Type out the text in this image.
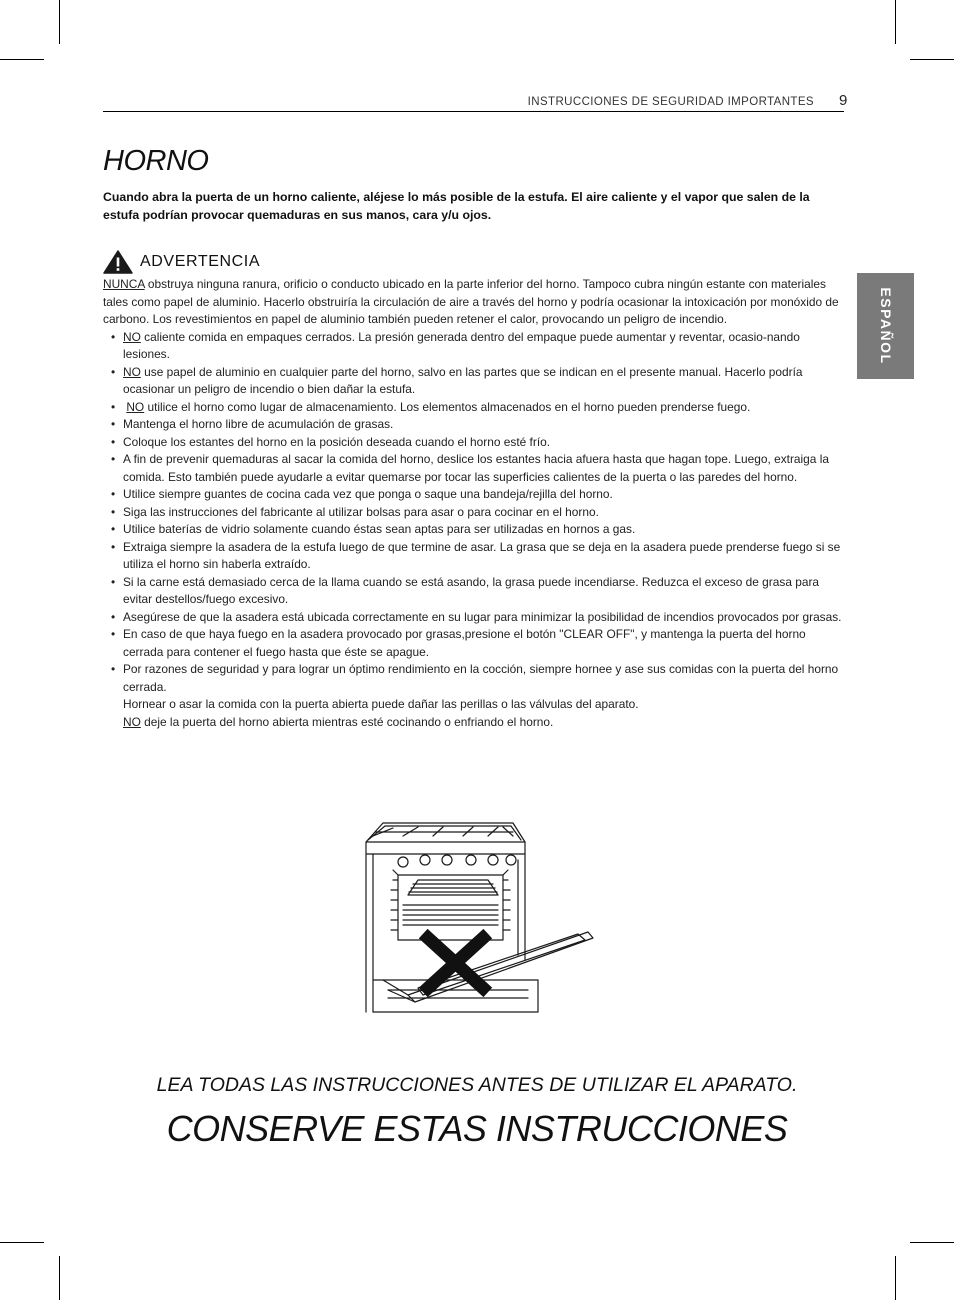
INSTRUCCIONES DE SEGURIDAD IMPORTANTES 9
ESPAÑOL
HORNO

Cuando abra la puerta de un horno caliente, aléjese lo más posible de la estufa. El aire caliente y el vapor que salen de la estufa podrían provocar quemaduras en sus manos, cara y/u ojos.

ADVERTENCIA

NUNCA obstruya ninguna ranura, orificio o conducto ubicado en la parte inferior del horno. Tampoco cubra ningún estante con materiales tales como papel de aluminio. Hacerlo obstruiría la circulación de aire a través del horno y podría ocasionar la intoxicación por monóxido de carbono. Los revestimientos en papel de aluminio también pueden retener el calor, provocando un peligro de incendio.

• NO caliente comida en empaques cerrados. La presión generada dentro del empaque puede aumentar y reventar, ocasio-nando lesiones.
• NO use papel de aluminio en cualquier parte del horno, salvo en las partes que se indican en el presente manual. Hacerlo podría ocasionar un peligro de incendio o bien dañar la estufa.
• NO utilice el horno como lugar de almacenamiento. Los elementos almacenados en el horno pueden prenderse fuego.
• Mantenga el horno libre de acumulación de grasas.
• Coloque los estantes del horno en la posición deseada cuando el horno esté frío.
• A fin de prevenir quemaduras al sacar la comida del horno, deslice los estantes hacia afuera hasta que hagan tope. Luego, extraiga la comida. Esto también puede ayudarle a evitar quemarse por tocar las superficies calientes de la puerta o las paredes del horno.
• Utilice siempre guantes de cocina cada vez que ponga o saque una bandeja/rejilla del horno.
• Siga las instrucciones del fabricante al utilizar bolsas para asar o para cocinar en el horno.
• Utilice baterías de vidrio solamente cuando éstas sean aptas para ser utilizadas en hornos a gas.
• Extraiga siempre la asadera de la estufa luego de que termine de asar. La grasa que se deja en la asadera puede prenderse fuego si se utiliza el horno sin haberla extraído.
• Si la carne está demasiado cerca de la llama cuando se está asando, la grasa puede incendiarse. Reduzca el exceso de grasa para evitar destellos/fuego excesivo.
• Asegúrese de que la asadera está ubicada correctamente en su lugar para minimizar la posibilidad de incendios provocados por grasas.
• En caso de que haya fuego en la asadera provocado por grasas,presione el botón "CLEAR OFF", y mantenga la puerta del horno cerrada para contener el fuego hasta que éste se apague.
• Por razones de seguridad y para lograr un óptimo rendimiento en la cocción, siempre hornee y ase sus comidas con la puerta del horno cerrada.

Hornear o asar la comida con la puerta abierta puede dañar las perillas o las válvulas del aparato.

NO deje la puerta del horno abierta mientras esté cocinando o enfriando el horno.

LEA TODAS LAS INSTRUCCIONES ANTES DE UTILIZAR EL APARATO.
CONSERVE ESTAS INSTRUCCIONES
